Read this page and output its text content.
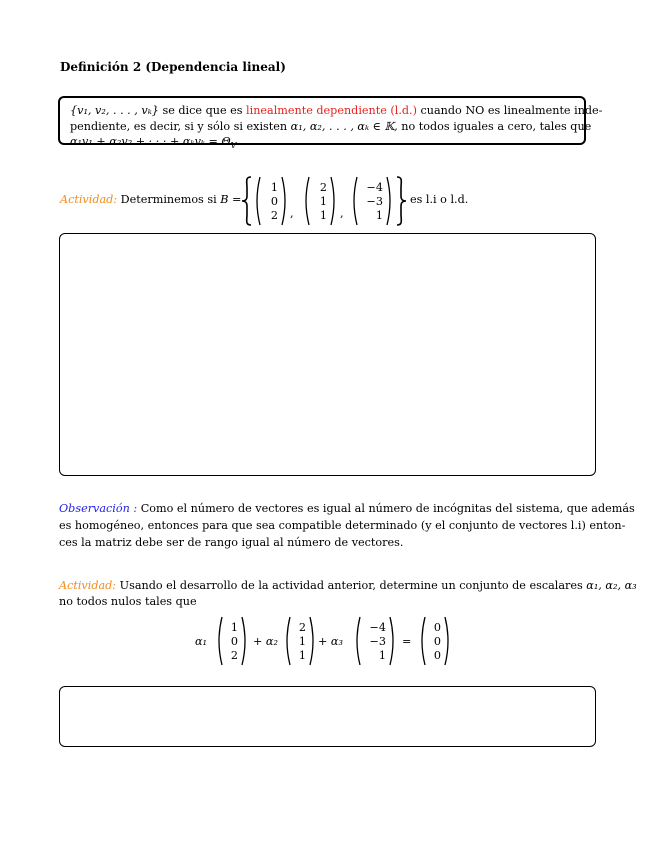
Definición 2 (Dependencia lineal)
{v₁, v₂, . . . , vₖ} se dice que es linealmente dependiente (l.d.) cuando NO es linealmente inde-
pendiente, es decir, si y sólo si existen α₁, α₂, . . . , αₖ ∈ 𝕂, no todos iguales a cero, tales que
α₁v₁ + α₂v₂ + · · · + $\alpha_kv_k = \Theta_V$.
Actividad: Determinemos si B =
1
0
2
2
1
1
−4
−3
1
,	,
es l.i o l.d.
Observación : Como el número de vectores es igual al número de incógnitas del sistema, que además
es homogéneo, entonces para que sea compatible determinado (y el conjunto de vectores l.i) enton-
ces la matriz debe ser de rango igual al número de vectores.
Actividad: Usando el desarrollo de la actividad anterior, determine un conjunto de escalares α₁, α₂, α₃
no todos nulos tales que
α₁	+ α₂	+ α₃	=
1
0
2
2
1
1
−4
−3
1
0
0
0
